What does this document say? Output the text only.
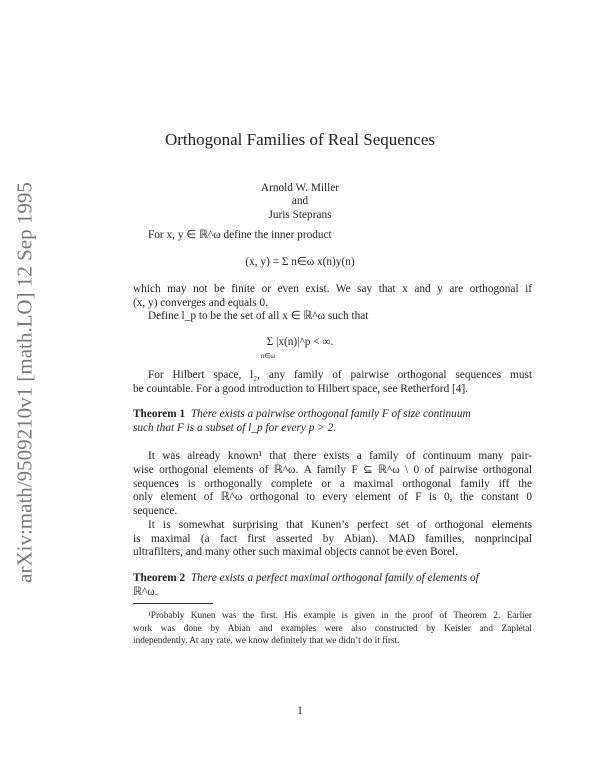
arXiv:math/9509210v1 [math.LO] 12 Sep 1995
Orthogonal Families of Real Sequences
Arnold W. Miller
and
Juris Steprans
For x, y ∈ ℝ^ω define the inner product
(x, y) = Σ n∈ω x(n)y(n)
which may not be finite or even exist. We say that x and y are orthogonal if
(x, y) converges and equals 0.
Define l_p to be the set of all x ∈ ℝ^ω such that
Σ |x(n)|^p < ∞.
n∈ω
For Hilbert space, l₂, any family of pairwise orthogonal sequences must
be countable. For a good introduction to Hilbert space, see Retherford [4].
Theorem 1 There exists a pairwise orthogonal family F of size continuum
such that F is a subset of l_p for every p > 2.
It was already known¹ that there exists a family of continuum many pair-
wise orthogonal elements of ℝ^ω. A family F ⊆ ℝ^ω \ 0 of pairwise orthogonal
sequences is orthogonally complete or a maximal orthogonal family iff the
only element of ℝ^ω orthogonal to every element of F is 0, the constant 0
sequence.
It is somewhat surprising that Kunen’s perfect set of orthogonal elements
is maximal (a fact first asserted by Abian). MAD families, nonprincipal
ultrafilters, and many other such maximal objects cannot be even Borel.
Theorem 2 There exists a perfect maximal orthogonal family of elements of
ℝ^ω.
¹Probably Kunen was the first. His example is given in the proof of Theorem 2. Earlier
work was done by Abian and examples were also constructed by Keisler and Zapletal
independently. At any rate, we know definitely that we didn’t do it first.
1
